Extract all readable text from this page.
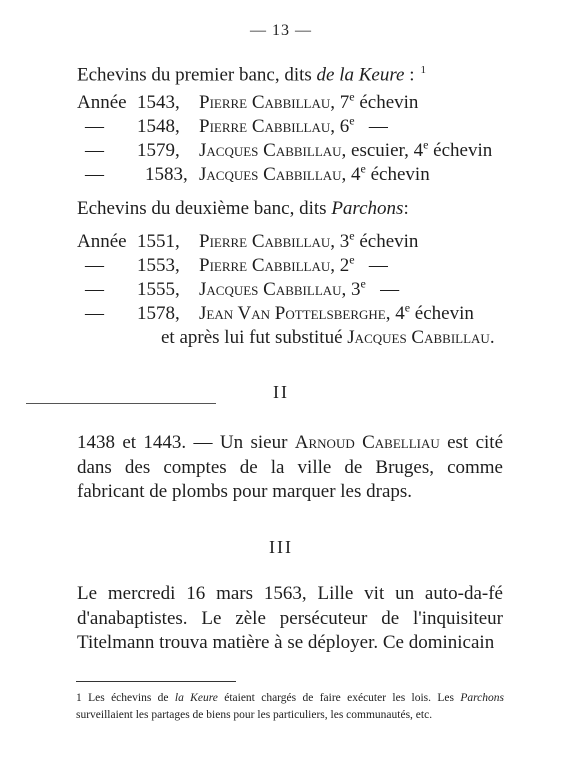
— 13 —
Echevins du premier banc, dits de la Keure : $^1$
Année 1543, Pierre Cabbillau, 7e échevin
— 1548, Pierre Cabbillau, 6e   —
— 1579, Jacques Cabbillau, escuier, 4e échevin
— 1583, Jacques Cabbillau, 4e échevin
Echevins du deuxième banc, dits Parchons:
Année 1551, Pierre Cabbillau, 3e échevin
— 1553, Pierre Cabbillau, 2e   —
— 1555, Jacques Cabbillau, 3e   —
— 1578, Jean Van Pottelsberghe, 4e échevin
et après lui fut substitué Jacques Cabbillau.
II
1438 et 1443. — Un sieur Arnoud Cabelliau est cité dans des comptes de la ville de Bruges, comme fabricant de plombs pour marquer les draps.
III
Le mercredi 16 mars 1563, Lille vit un auto-da-fé d'anabaptistes. Le zèle persécuteur de l'inquisiteur Titelmann trouva matière à se déployer. Ce dominicain
1 Les échevins de la Keure étaient chargés de faire exécuter les lois. Les Parchons surveillaient les partages de biens pour les particuliers, les communautés, etc.
